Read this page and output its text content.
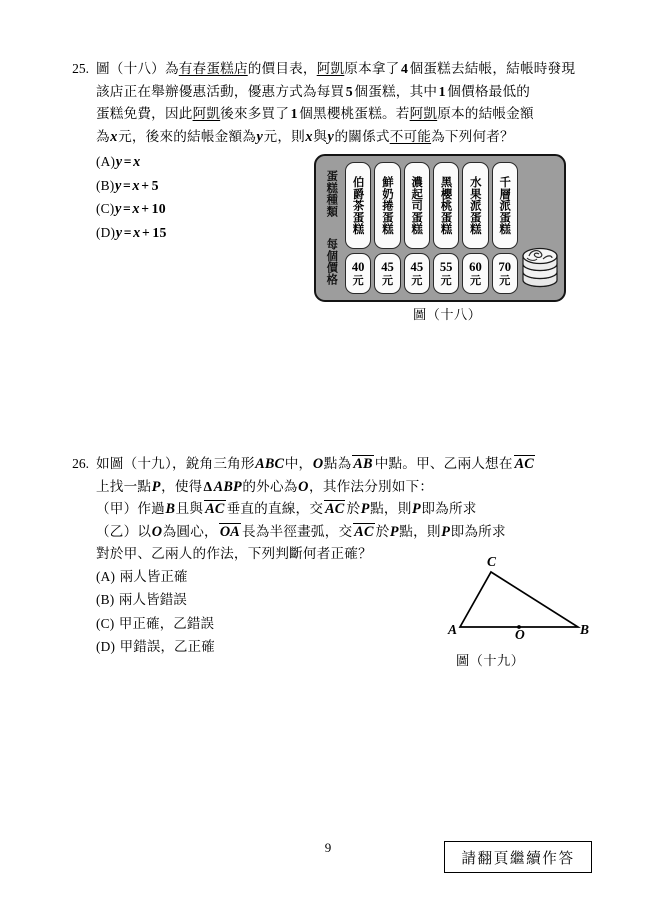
25. 圖（十八）為有春蛋糕店的價目表，阿凱原本拿了 4 個蛋糕去結帳，結帳時發現
該店正在舉辦優惠活動，優惠方式為每買 5 個蛋糕，其中 1 個價格最低的
蛋糕免費，因此阿凱後來多買了 1 個黑櫻桃蛋糕。若阿凱原本的結帳金額
為x元，後來的結帳金額為y元，則x與y的關係式不可能為下列何者？
(A)y = x
(B)y = x + 5
(C)y = x + 10
(D)y = x + 15
蛋糕種類
每個價格
伯爵茶蛋糕
40
元
鮮奶捲蛋糕
45
元
濃起司蛋糕
45
元
黑櫻桃蛋糕
55
元
水果派蛋糕
60
元
千層派蛋糕
70
元
圖（十八）
26. 如圖（十九），銳角三角形ABC中，O點為 AB 中點。甲、乙兩人想在 AC
上找一點P，使得Δ ABP的外心為O，其作法分別如下：
（甲）作過B且與 AC 垂直的直線，交 AC 於P點，則P即為所求
（乙）以O為圓心， OA 長為半徑畫弧，交 AC 於P點，則P即為所求
對於甲、乙兩人的作法，下列判斷何者正確？
(A) 兩人皆正確
(B) 兩人皆錯誤
(C) 甲正確，乙錯誤
(D) 甲錯誤，乙正確
A	B
C
O
圖（十九）
9
請翻頁繼續作答
